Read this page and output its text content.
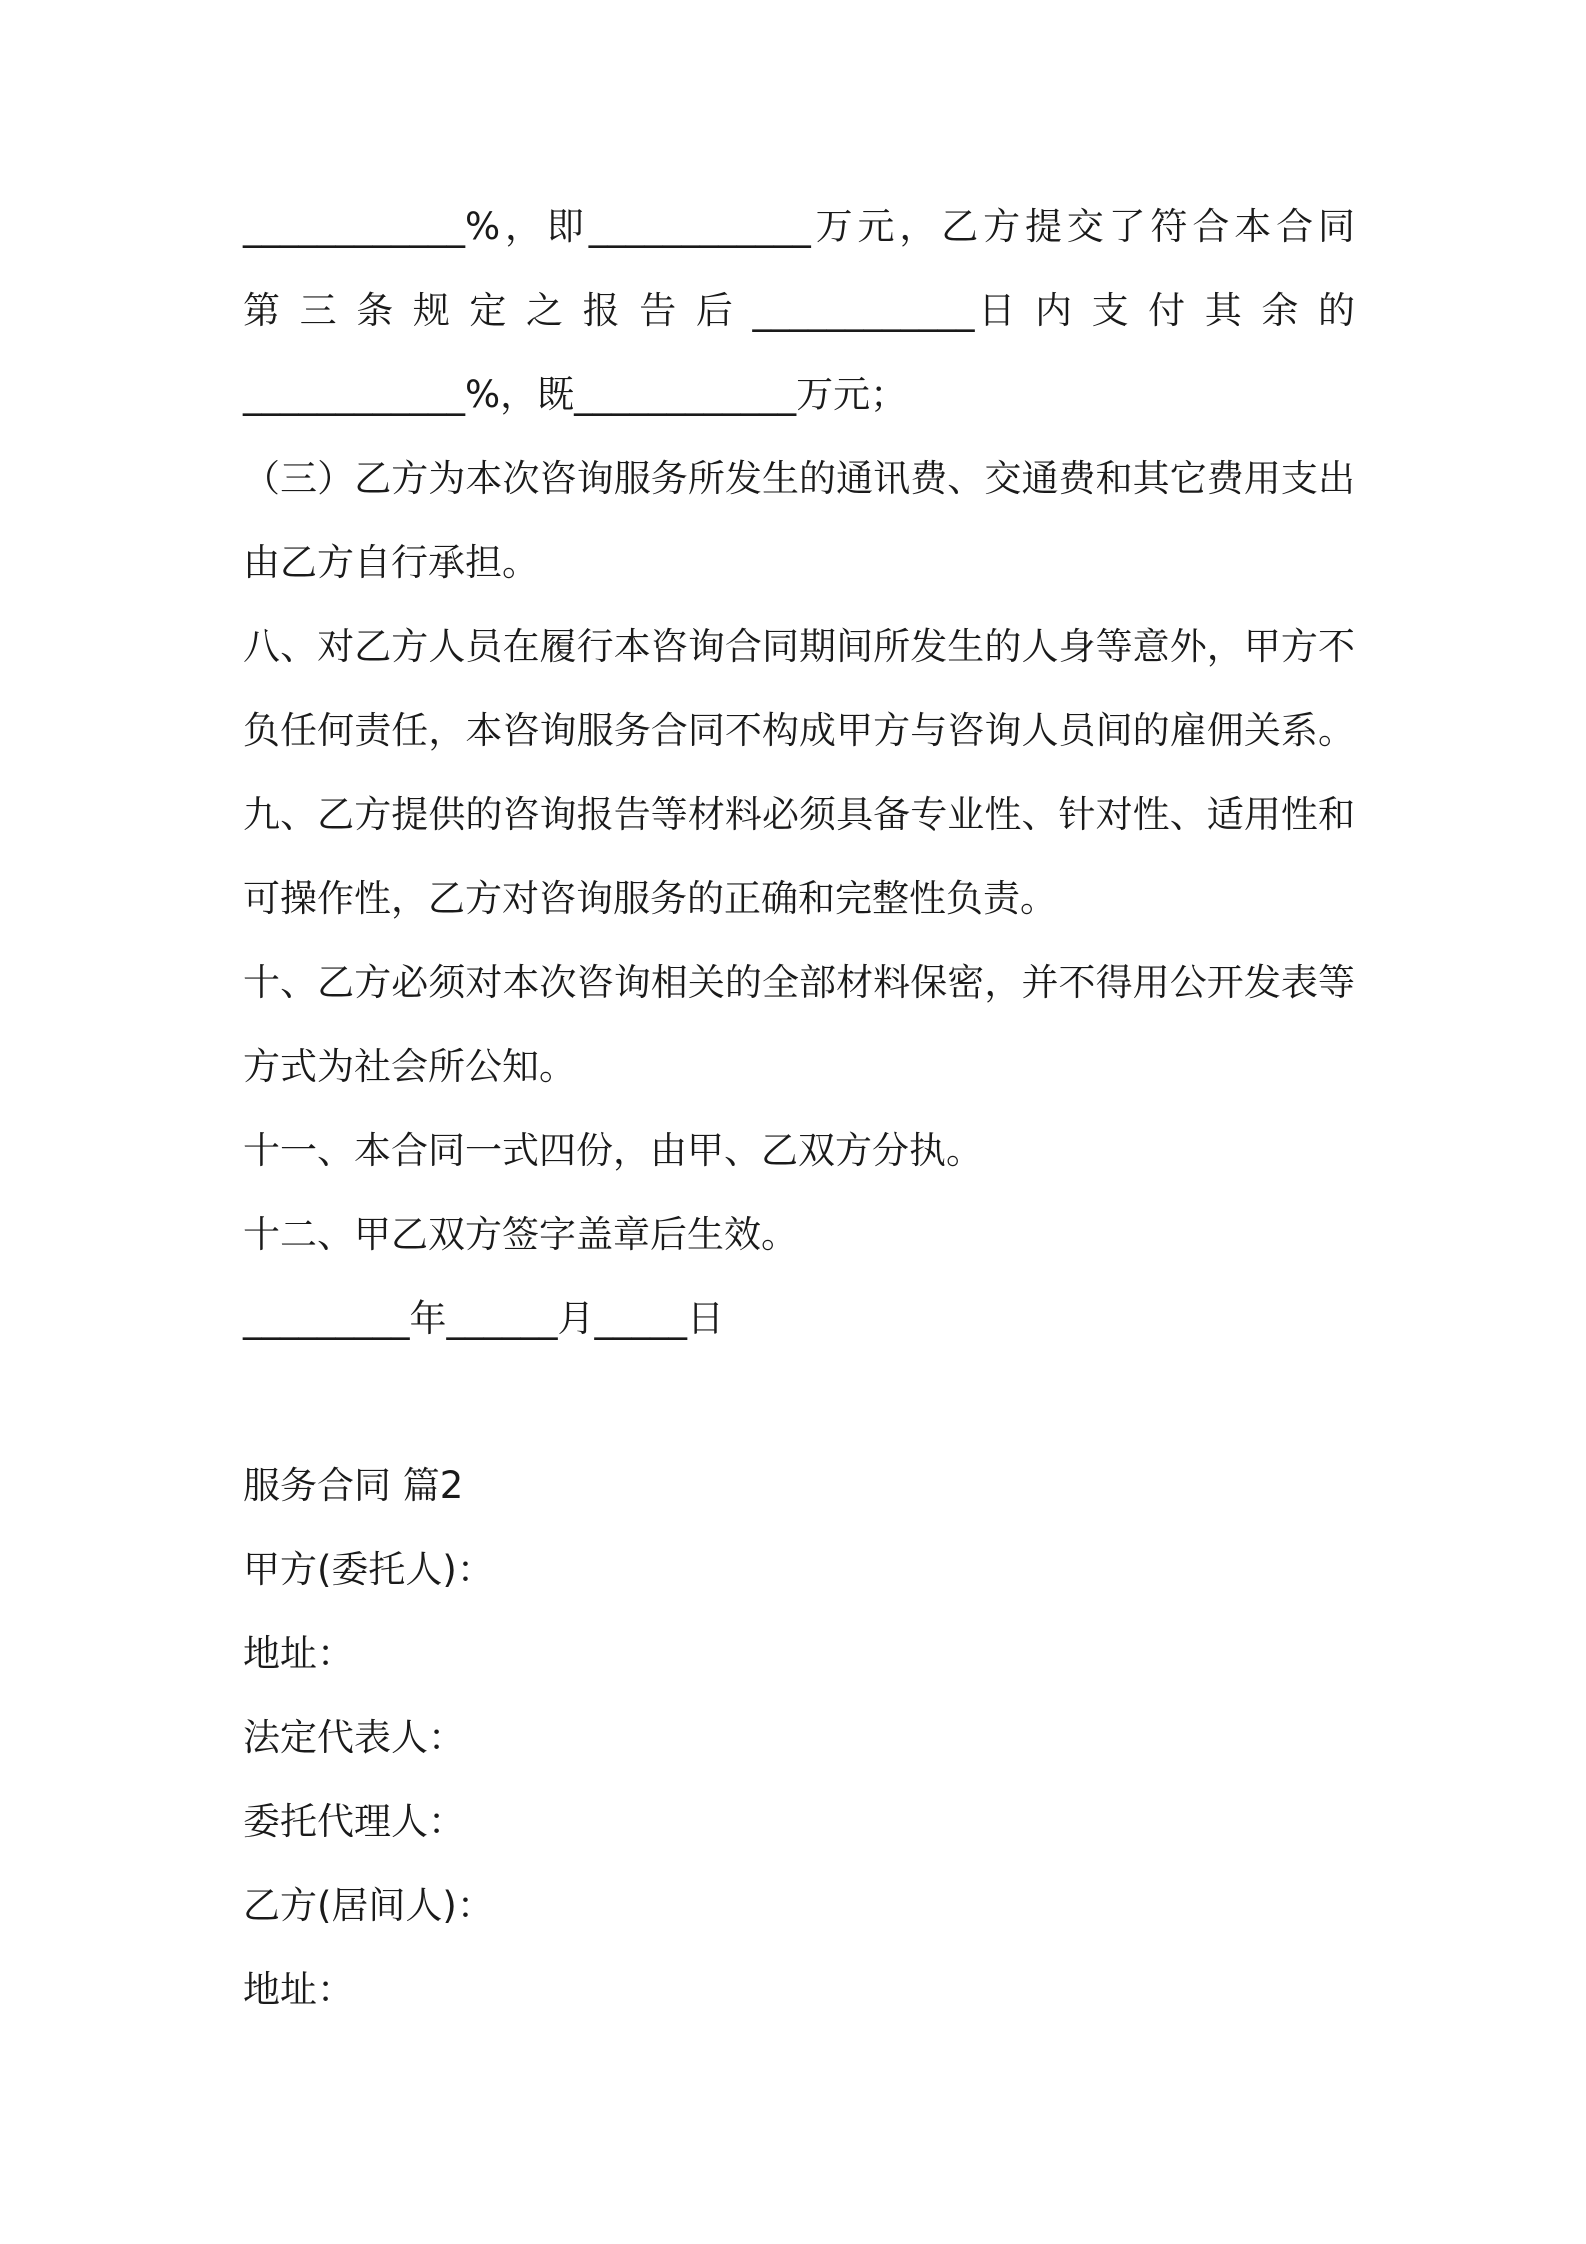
____________%，即____________万元，乙方提交了符合本合同

第 三 条 规 定 之 报 告 后 ____________日 内 支 付 其 余 的

____________%，既____________万元；

（三）乙方为本次咨询服务所发生的通讯费、交通费和其它费用支出

由乙方自行承担。

八、对乙方人员在履行本咨询合同期间所发生的人身等意外，甲方不

负任何责任，本咨询服务合同不构成甲方与咨询人员间的雇佣关系。

九、乙方提供的咨询报告等材料必须具备专业性、针对性、适用性和

可操作性，乙方对咨询服务的正确和完整性负责。

十、乙方必须对本次咨询相关的全部材料保密，并不得用公开发表等

方式为社会所公知。

十一、本合同一式四份，由甲、乙双方分执。

十二、甲乙双方签字盖章后生效。

_________年______月_____日

服务合同 篇2

甲方(委托人)：

地址：

法定代表人：

委托代理人：

乙方(居间人)：

地址：
